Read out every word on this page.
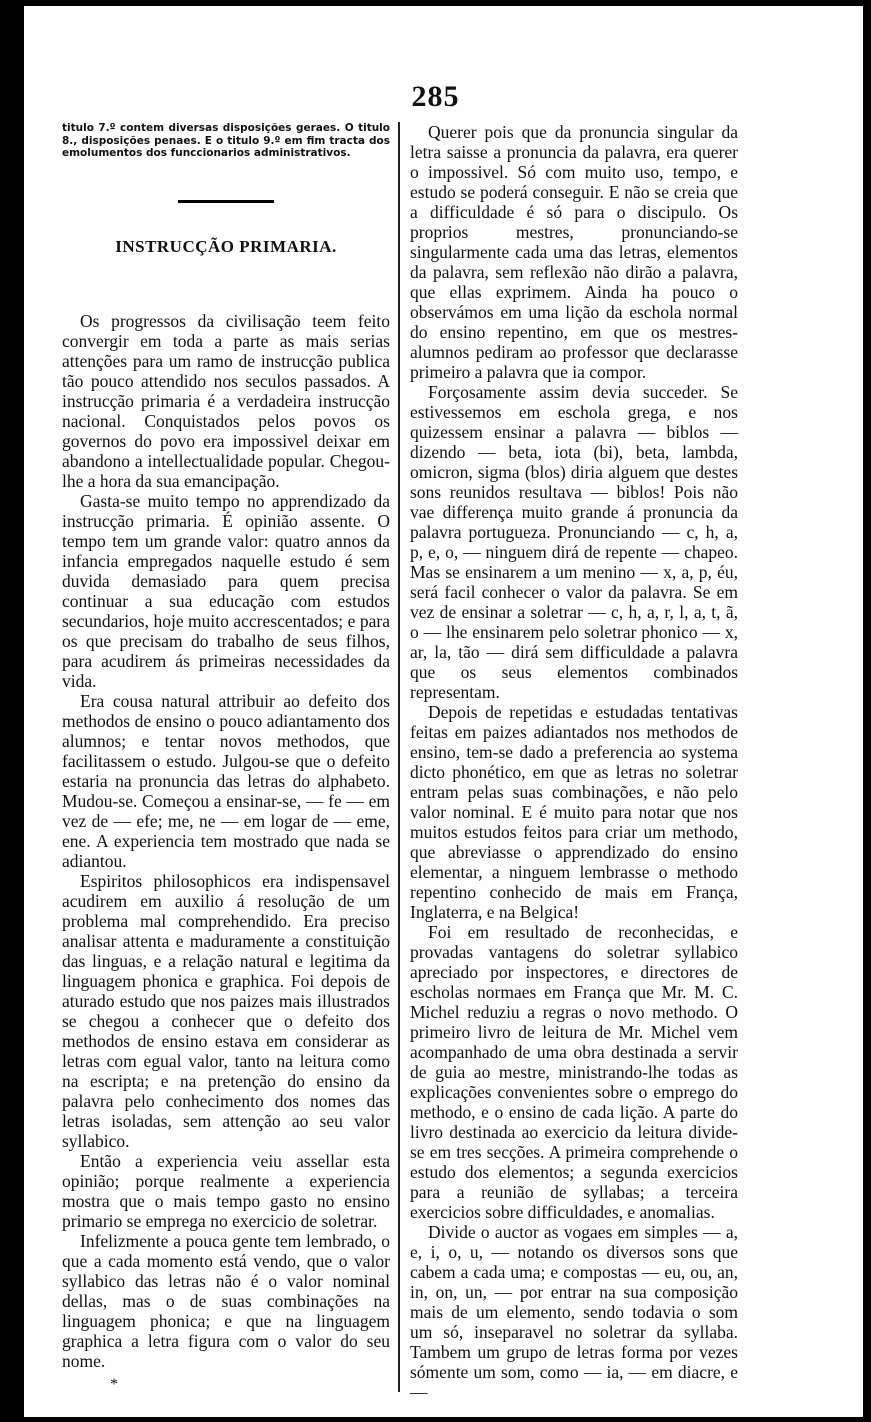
285

titulo 7.º contem diversas disposições geraes. O titulo 8., disposições penaes. E o titulo 9.º em fim tracta dos emolumentos dos funccionarios administrativos.

INSTRUCÇÃO PRIMARIA.

Os progressos da civilisação teem feito convergir em toda a parte as mais serias attenções para um ramo de instrucção publica tão pouco attendido nos seculos passados. A instrucção primaria é a verdadeira instrucção nacional. Conquistados pelos povos os governos do povo era impossivel deixar em abandono a intellectualidade popular. Chegou-lhe a hora da sua emancipação.

Gasta-se muito tempo no apprendizado da instrucção primaria. É opinião assente. O tempo tem um grande valor: quatro annos da infancia empregados naquelle estudo é sem duvida demasiado para quem precisa continuar a sua educação com estudos secundarios, hoje muito accrescentados; e para os que precisam do trabalho de seus filhos, para acudirem ás primeiras necessidades da vida.

Era cousa natural attribuir ao defeito dos methodos de ensino o pouco adiantamento dos alumnos; e tentar novos methodos, que facilitassem o estudo. Julgou-se que o defeito estaria na pronuncia das letras do alphabeto. Mudou-se. Começou a ensinar-se, — fe — em vez de — efe; me, ne — em logar de — eme, ene. A experiencia tem mostrado que nada se adiantou.

Espiritos philosophicos era indispensavel acudirem em auxilio á resolução de um problema mal comprehendido. Era preciso analisar attenta e maduramente a constituição das linguas, e a relação natural e legitima da linguagem phonica e graphica. Foi depois de aturado estudo que nos paizes mais illustrados se chegou a conhecer que o defeito dos methodos de ensino estava em considerar as letras com egual valor, tanto na leitura como na escripta; e na pretenção do ensino da palavra pelo conhecimento dos nomes das letras isoladas, sem attenção ao seu valor syllabico.

Então a experiencia veiu assellar esta opinião; porque realmente a experiencia mostra que o mais tempo gasto no ensino primario se emprega no exercicio de soletrar.

Infelizmente a pouca gente tem lembrado, o que a cada momento está vendo, que o valor syllabico das letras não é o valor nominal dellas, mas o de suas combinações na linguagem phonica; e que na linguagem graphica a letra figura com o valor do seu nome.

*

Querer pois que da pronuncia singular da letra saisse a pronuncia da palavra, era querer o impossivel. Só com muito uso, tempo, e estudo se poderá conseguir. E não se creia que a difficuldade é só para o discipulo. Os proprios mestres, pronunciando-se singularmente cada uma das letras, elementos da palavra, sem reflexão não dirão a palavra, que ellas exprimem. Ainda ha pouco o observámos em uma lição da eschola normal do ensino repentino, em que os mestres-alumnos pediram ao professor que declarasse primeiro a palavra que ia compor.

Forçosamente assim devia succeder. Se estivessemos em eschola grega, e nos quizessem ensinar a palavra — biblos — dizendo — beta, iota (bi), beta, lambda, omicron, sigma (blos) diria alguem que destes sons reunidos resultava — biblos! Pois não vae differença muito grande á pronuncia da palavra portugueza. Pronunciando — c, h, a, p, e, o, — ninguem dirá de repente — chapeo. Mas se ensinarem a um menino — x, a, p, éu, será facil conhecer o valor da palavra. Se em vez de ensinar a soletrar — c, h, a, r, l, a, t, ã, o — lhe ensinarem pelo soletrar phonico — x, ar, la, tão — dirá sem difficuldade a palavra que os seus elementos combinados representam.

Depois de repetidas e estudadas tentativas feitas em paizes adiantados nos methodos de ensino, tem-se dado a preferencia ao systema dicto phonético, em que as letras no soletrar entram pelas suas combinações, e não pelo valor nominal. E é muito para notar que nos muitos estudos feitos para criar um methodo, que abreviasse o apprendizado do ensino elementar, a ninguem lembrasse o methodo repentino conhecido de mais em França, Inglaterra, e na Belgica!

Foi em resultado de reconhecidas, e provadas vantagens do soletrar syllabico apreciado por inspectores, e directores de escholas normaes em França que Mr. M. C. Michel reduziu a regras o novo methodo. O primeiro livro de leitura de Mr. Michel vem acompanhado de uma obra destinada a servir de guia ao mestre, ministrando-lhe todas as explicações convenientes sobre o emprego do methodo, e o ensino de cada lição. A parte do livro destinada ao exercicio da leitura divide-se em tres secções. A primeira comprehende o estudo dos elementos; a segunda exercicios para a reunião de syllabas; a terceira exercicios sobre difficuldades, e anomalias.

Divide o auctor as vogaes em simples — a, e, i, o, u, — notando os diversos sons que cabem a cada uma; e compostas — eu, ou, an, in, on, un, — por entrar na sua composição mais de um elemento, sendo todavia o som um só, inseparavel no soletrar da syllaba. Tambem um grupo de letras forma por vezes sómente um som, como — ia, — em diacre, e —
